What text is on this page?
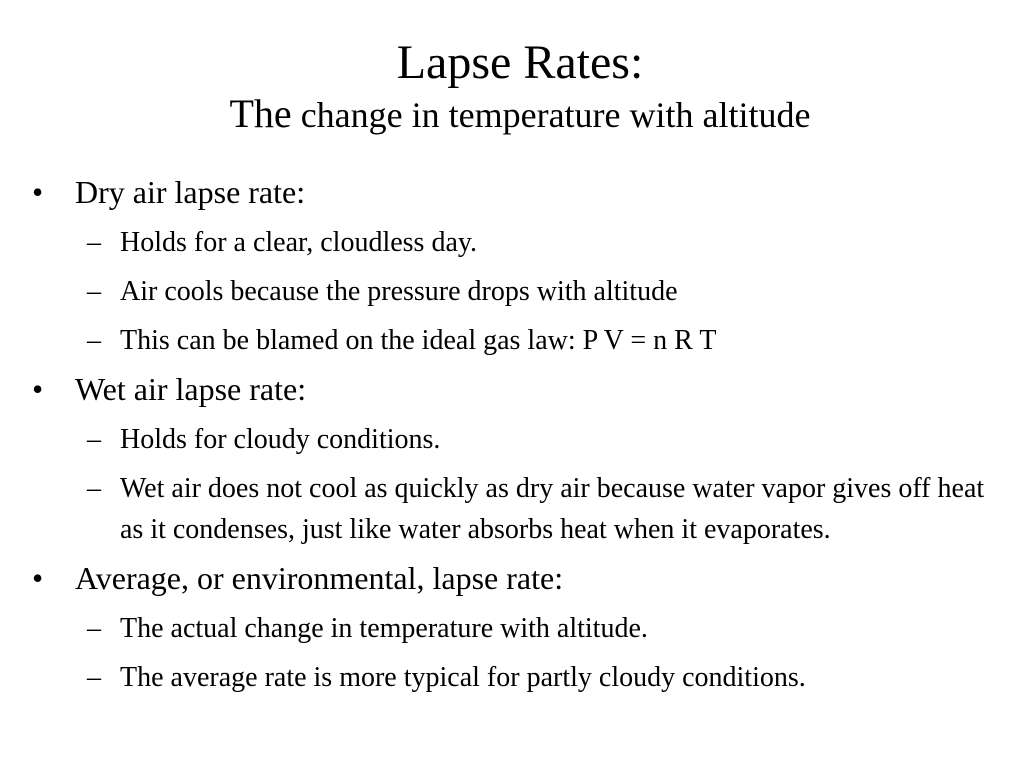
Lapse Rates:
The change in temperature with altitude
• Dry air lapse rate:
– Holds for a clear, cloudless day.
– Air cools because the pressure drops with altitude
– This can be blamed on the ideal gas law: P V = n R T
• Wet air lapse rate:
– Holds for cloudy conditions.
– Wet air does not cool as quickly as dry air because water vapor gives off heat as it condenses, just like water absorbs heat when it evaporates.
• Average, or environmental, lapse rate:
– The actual change in temperature with altitude.
– The average rate is more typical for partly cloudy conditions.
